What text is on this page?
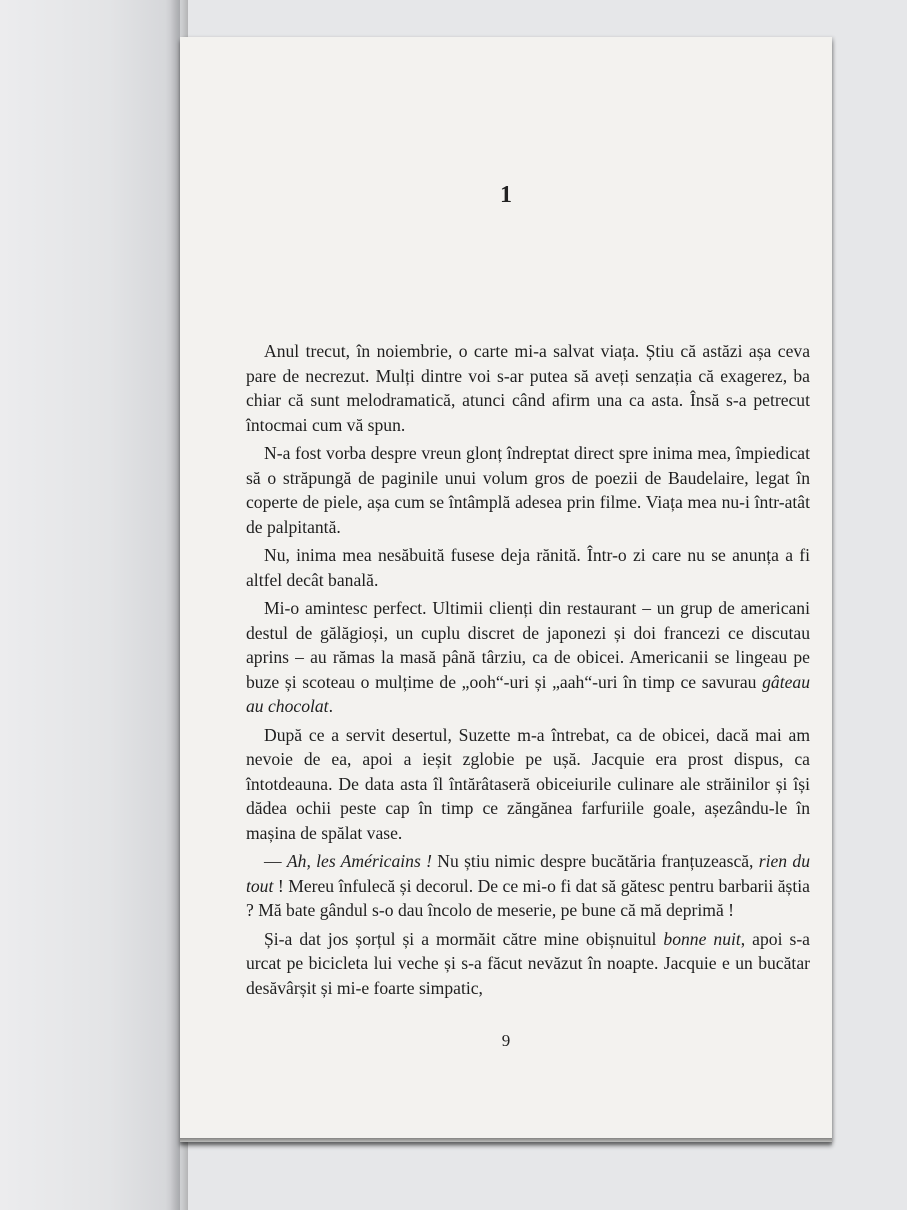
1

Anul trecut, în noiembrie, o carte mi-a salvat viața. Știu că astăzi așa ceva pare de necrezut. Mulți dintre voi s-ar putea să aveți senzația că exagerez, ba chiar că sunt melodramatică, atunci când afirm una ca asta. Însă s-a petrecut întocmai cum vă spun.

N-a fost vorba despre vreun glonț îndreptat direct spre inima mea, împiedicat să o străpungă de paginile unui volum gros de poezii de Baudelaire, legat în coperte de piele, așa cum se întâmplă adesea prin filme. Viața mea nu-i într-atât de palpitantă.

Nu, inima mea nesăbuită fusese deja rănită. Într-o zi care nu se anunța a fi altfel decât banală.

Mi-o amintesc perfect. Ultimii clienți din restaurant – un grup de americani destul de gălăgioși, un cuplu discret de japonezi și doi francezi ce discutau aprins – au rămas la masă până târziu, ca de obicei. Americanii se lingeau pe buze și scoteau o mulțime de „ooh“-uri și „aah“-uri în timp ce savurau gâteau au chocolat.

După ce a servit desertul, Suzette m-a întrebat, ca de obicei, dacă mai am nevoie de ea, apoi a ieșit zglobie pe ușă. Jacquie era prost dispus, ca întotdeauna. De data asta îl întărâtaseră obiceiurile culinare ale străinilor și își dădea ochii peste cap în timp ce zăngănea farfuriile goale, așezându-le în mașina de spălat vase.

— Ah, les Américains ! Nu știu nimic despre bucătăria franțuzească, rien du tout ! Mereu înfulecă și decorul. De ce mi-o fi dat să gătesc pentru barbarii ăștia ? Mă bate gândul s-o dau încolo de meserie, pe bune că mă deprimă !

Și-a dat jos șorțul și a mormăit către mine obișnuitul bonne nuit, apoi s-a urcat pe bicicleta lui veche și s-a făcut nevăzut în noapte. Jacquie e un bucătar desăvârșit și mi-e foarte simpatic,

9
